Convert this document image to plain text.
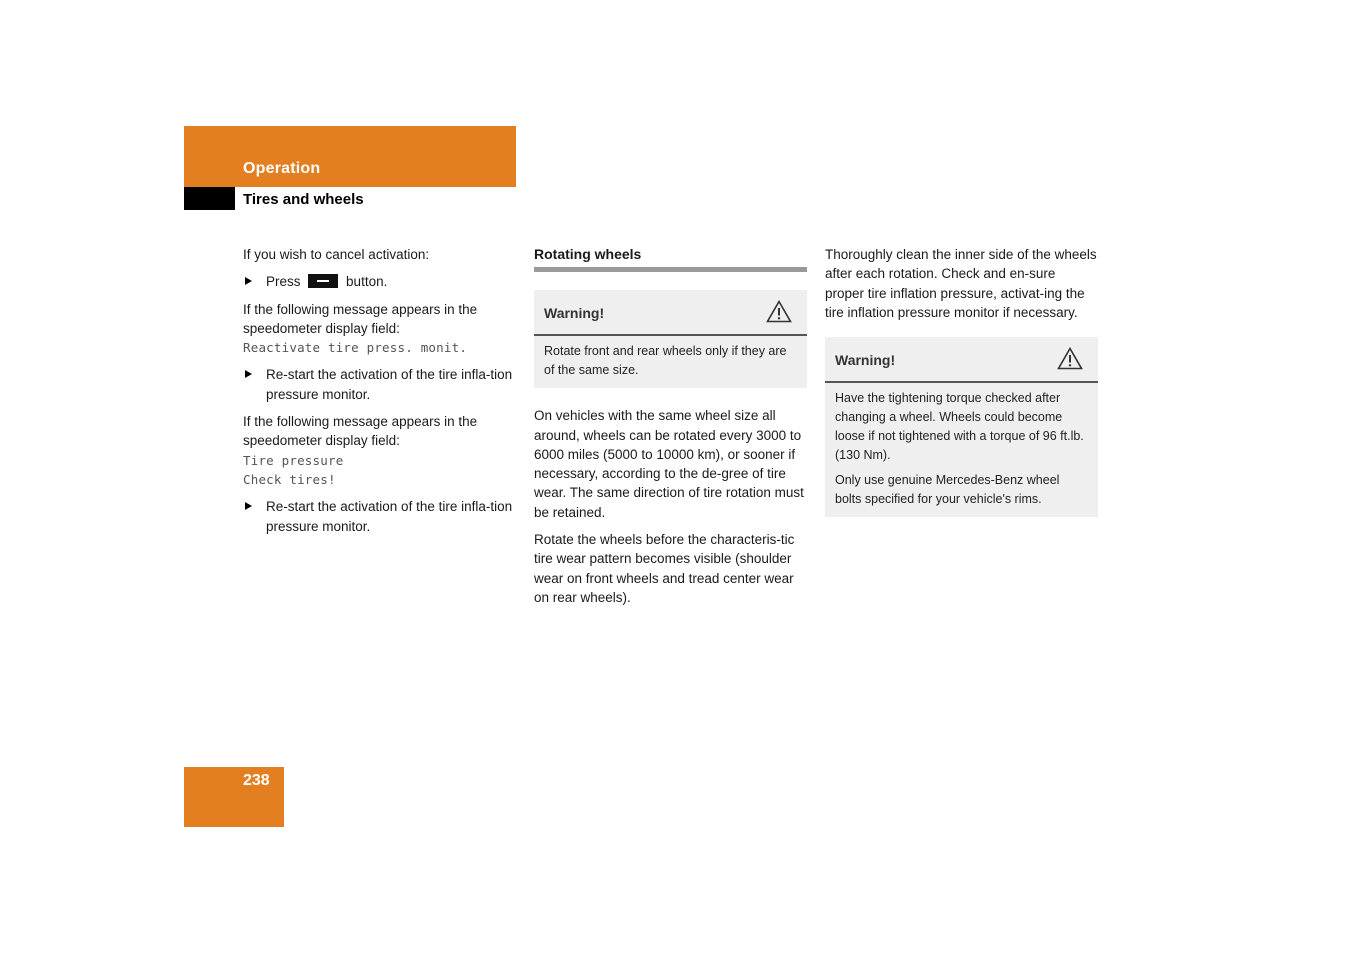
Operation
Tires and wheels

If you wish to cancel activation:

Press	button.

If the following message appears in the speedometer display field:
Reactivate tire press. monit.

Re-start the activation of the tire infla-tion pressure monitor.

If the following message appears in the speedometer display field:
Tire pressure
Check tires!

Re-start the activation of the tire infla-tion pressure monitor.
Rotating wheels
Warning!

Rotate front and rear wheels only if they are of the same size.

On vehicles with the same wheel size all around, wheels can be rotated every 3000 to 6000 miles (5000 to 10000 km), or sooner if necessary, according to the de-gree of tire wear. The same direction of tire rotation must be retained.

Rotate the wheels before the characteris-tic tire wear pattern becomes visible (shoulder wear on front wheels and tread center wear on rear wheels).

Thoroughly clean the inner side of the wheels after each rotation. Check and en-sure proper tire inflation pressure, activat-ing the tire inflation pressure monitor if necessary.

Warning!

Have the tightening torque checked after changing a wheel. Wheels could become loose if not tightened with a torque of 96 ft.lb. (130 Nm).

Only use genuine Mercedes-Benz wheel bolts specified for your vehicle's rims.

238
